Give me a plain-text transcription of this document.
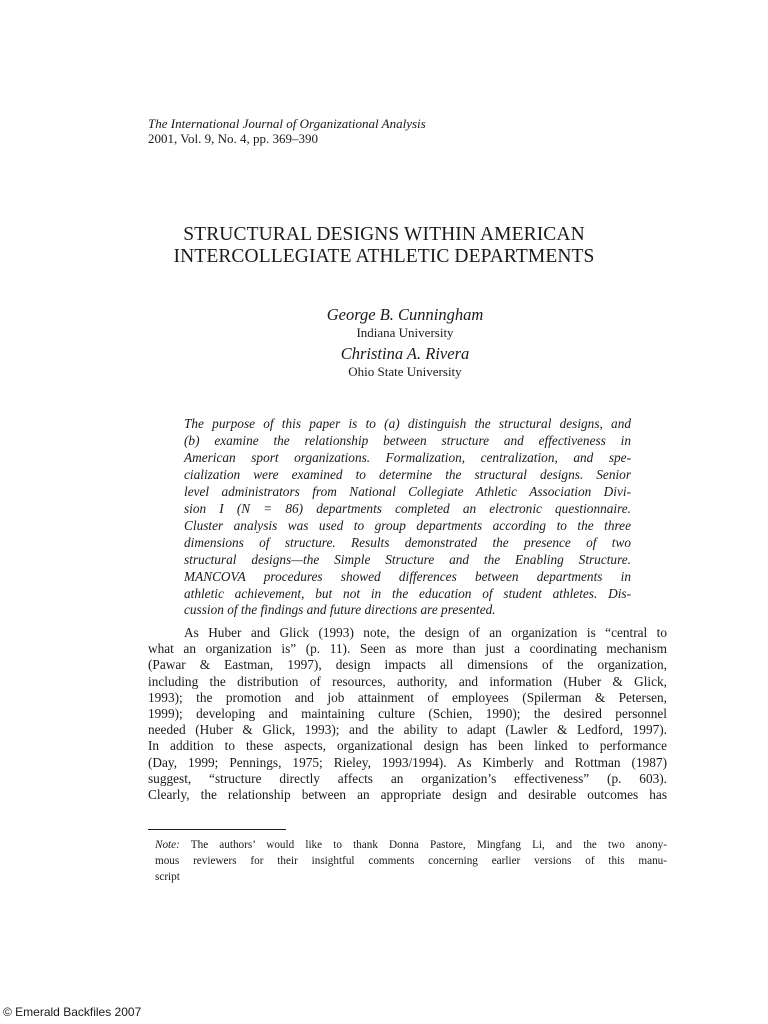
The International Journal of Organizational Analysis
2001, Vol. 9, No. 4, pp. 369–390
STRUCTURAL DESIGNS WITHIN AMERICAN
INTERCOLLEGIATE ATHLETIC DEPARTMENTS
George B. Cunningham
Indiana University
Christina A. Rivera
Ohio State University
The purpose of this paper is to (a) distinguish the structural designs, and
(b) examine the relationship between structure and effectiveness in
American sport organizations. Formalization, centralization, and spe-
cialization were examined to determine the structural designs. Senior
level administrators from National Collegiate Athletic Association Divi-
sion I (N = 86) departments completed an electronic questionnaire.
Cluster analysis was used to group departments according to the three
dimensions of structure. Results demonstrated the presence of two
structural designs—the Simple Structure and the Enabling Structure.
MANCOVA procedures showed differences between departments in
athletic achievement, but not in the education of student athletes. Dis-
cussion of the findings and future directions are presented.
As Huber and Glick (1993) note, the design of an organization is “central to
what an organization is” (p. 11). Seen as more than just a coordinating mechanism
(Pawar & Eastman, 1997), design impacts all dimensions of the organization,
including the distribution of resources, authority, and information (Huber & Glick,
1993); the promotion and job attainment of employees (Spilerman & Petersen,
1999); developing and maintaining culture (Schien, 1990); the desired personnel
needed (Huber & Glick, 1993); and the ability to adapt (Lawler & Ledford, 1997).
In addition to these aspects, organizational design has been linked to performance
(Day, 1999; Pennings, 1975; Rieley, 1993/1994). As Kimberly and Rottman (1987)
suggest, “structure directly affects an organization’s effectiveness” (p. 603).
Clearly, the relationship between an appropriate design and desirable outcomes has
Note: The authors’ would like to thank Donna Pastore, Mingfang Li, and the two anony-
mous reviewers for their insightful comments concerning earlier versions of this manu-
script
© Emerald Backfiles 2007
